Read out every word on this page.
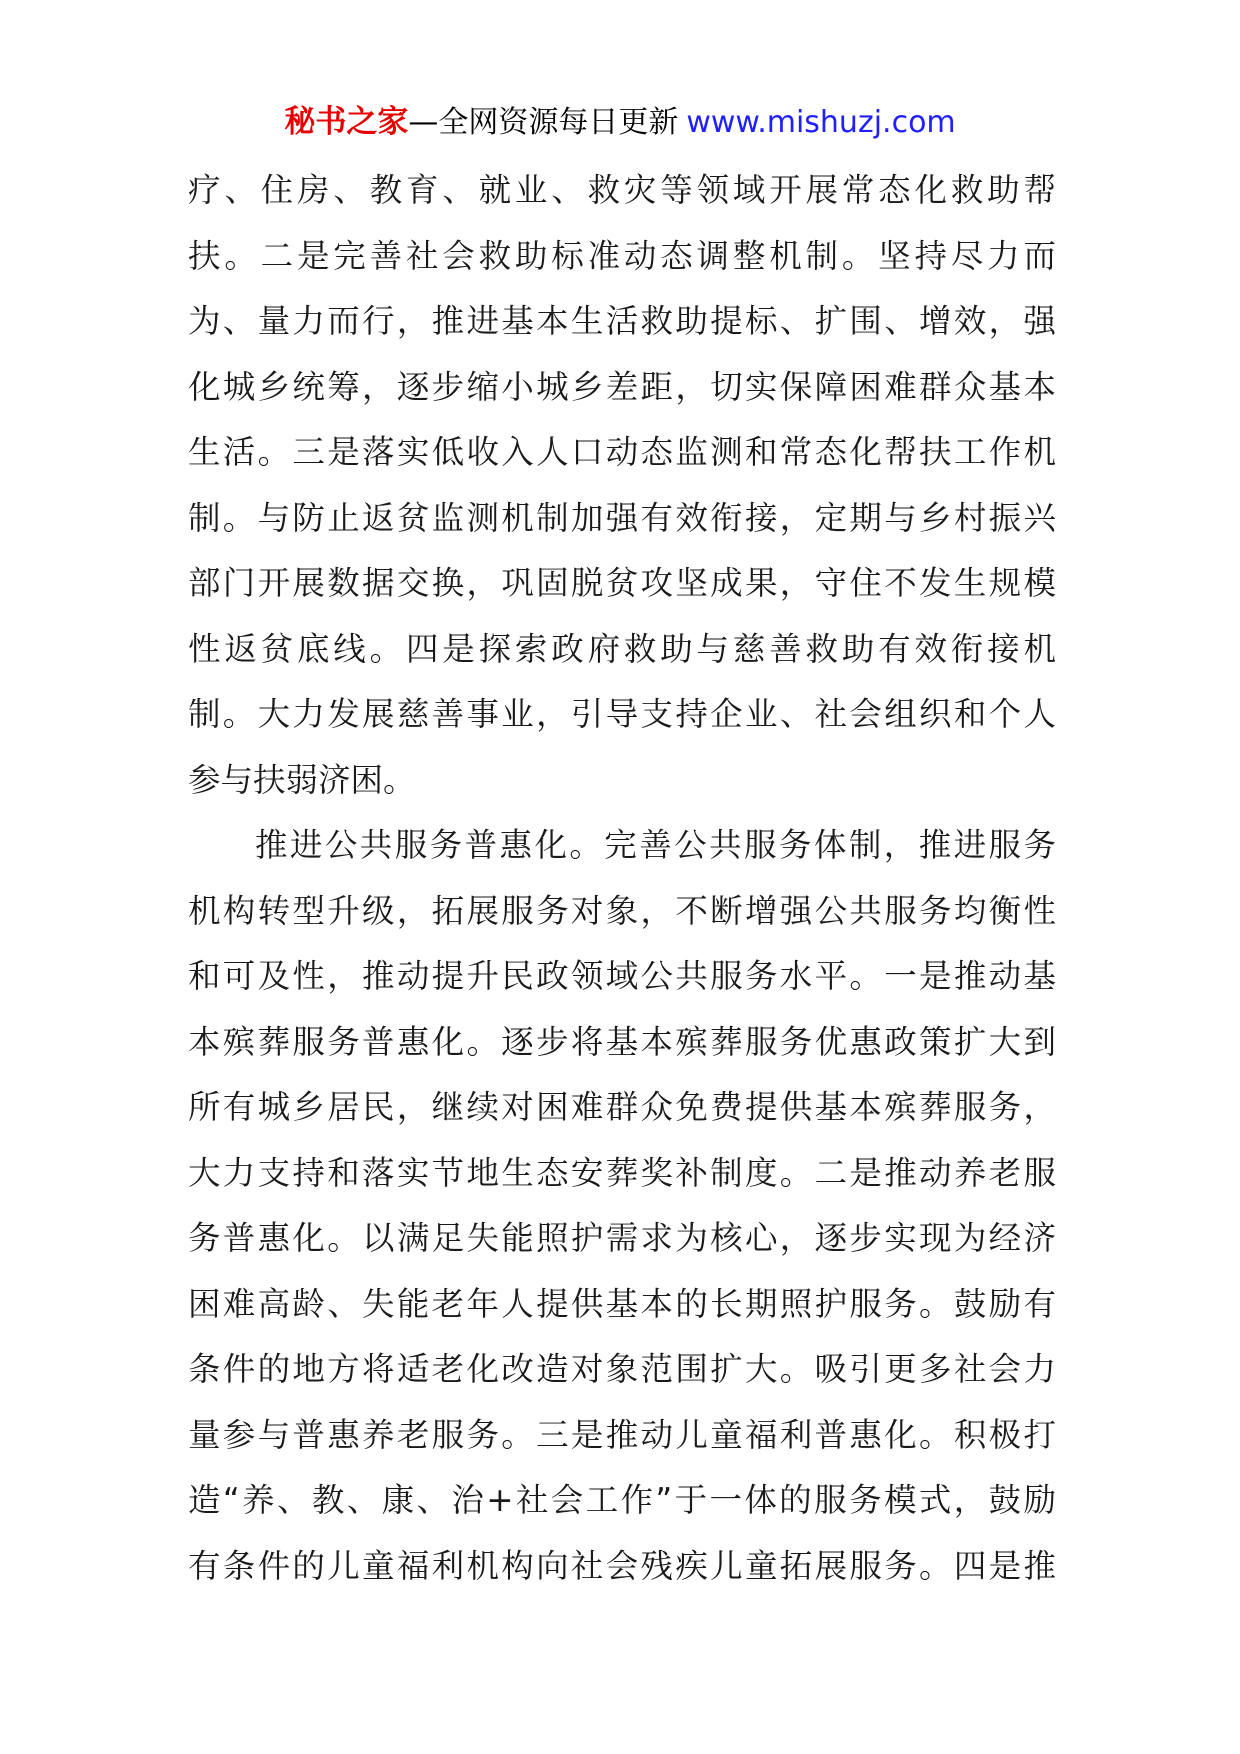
秘书之家—全网资源每日更新 www.mishuzj.com
疗、住房、教育、就业、救灾等领域开展常态化救助帮
扶。二是完善社会救助标准动态调整机制。坚持尽力而
为、量力而行，推进基本生活救助提标、扩围、增效，强
化城乡统筹，逐步缩小城乡差距，切实保障困难群众基本
生活。三是落实低收入人口动态监测和常态化帮扶工作机
制。与防止返贫监测机制加强有效衔接，定期与乡村振兴
部门开展数据交换，巩固脱贫攻坚成果，守住不发生规模
性返贫底线。四是探索政府救助与慈善救助有效衔接机
制。大力发展慈善事业，引导支持企业、社会组织和个人
参与扶弱济困。
推进公共服务普惠化。完善公共服务体制，推进服务
机构转型升级，拓展服务对象，不断增强公共服务均衡性
和可及性，推动提升民政领域公共服务水平。一是推动基
本殡葬服务普惠化。逐步将基本殡葬服务优惠政策扩大到
所有城乡居民，继续对困难群众免费提供基本殡葬服务，
大力支持和落实节地生态安葬奖补制度。二是推动养老服
务普惠化。以满足失能照护需求为核心，逐步实现为经济
困难高龄、失能老年人提供基本的长期照护服务。鼓励有
条件的地方将适老化改造对象范围扩大。吸引更多社会力
量参与普惠养老服务。三是推动儿童福利普惠化。积极打
造“养、教、康、治+社会工作”于一体的服务模式，鼓励
有条件的儿童福利机构向社会残疾儿童拓展服务。四是推
